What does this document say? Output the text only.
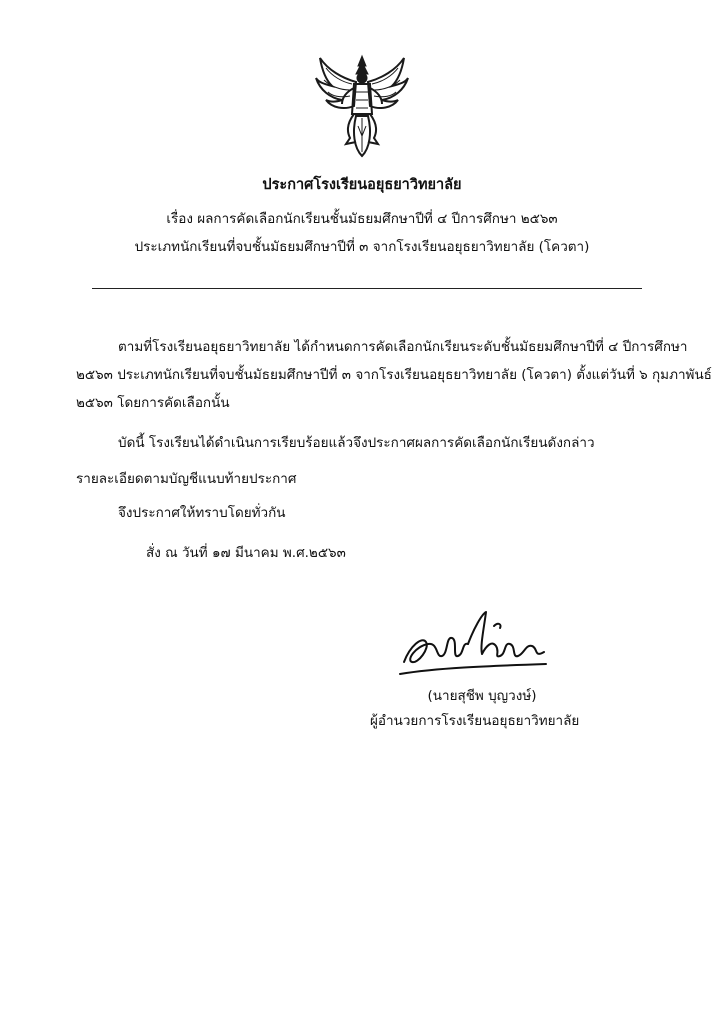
ประกาศโรงเรียนอยุธยาวิทยาลัย
เรื่อง ผลการคัดเลือกนักเรียนชั้นมัธยมศึกษาปีที่ ๔ ปีการศึกษา ๒๕๖๓
ประเภทนักเรียนที่จบชั้นมัธยมศึกษาปีที่ ๓ จากโรงเรียนอยุธยาวิทยาลัย (โควตา)
ตามที่โรงเรียนอยุธยาวิทยาลัย ได้กำหนดการคัดเลือกนักเรียนระดับชั้นมัธยมศึกษาปีที่ ๔ ปีการศึกษา
๒๕๖๓ ประเภทนักเรียนที่จบชั้นมัธยมศึกษาปีที่ ๓ จากโรงเรียนอยุธยาวิทยาลัย (โควตา) ตั้งแต่วันที่ ๖ กุมภาพันธ์
๒๕๖๓ โดยการคัดเลือกนั้น
บัดนี้ โรงเรียนได้ดำเนินการเรียบร้อยแล้วจึงประกาศผลการคัดเลือกนักเรียนดังกล่าว
รายละเอียดตามบัญชีแนบท้ายประกาศ
จึงประกาศให้ทราบโดยทั่วกัน
สั่ง ณ วันที่ ๑๗ มีนาคม พ.ศ.๒๕๖๓
(นายสุชีพ บุญวงษ์)
ผู้อำนวยการโรงเรียนอยุธยาวิทยาลัย
